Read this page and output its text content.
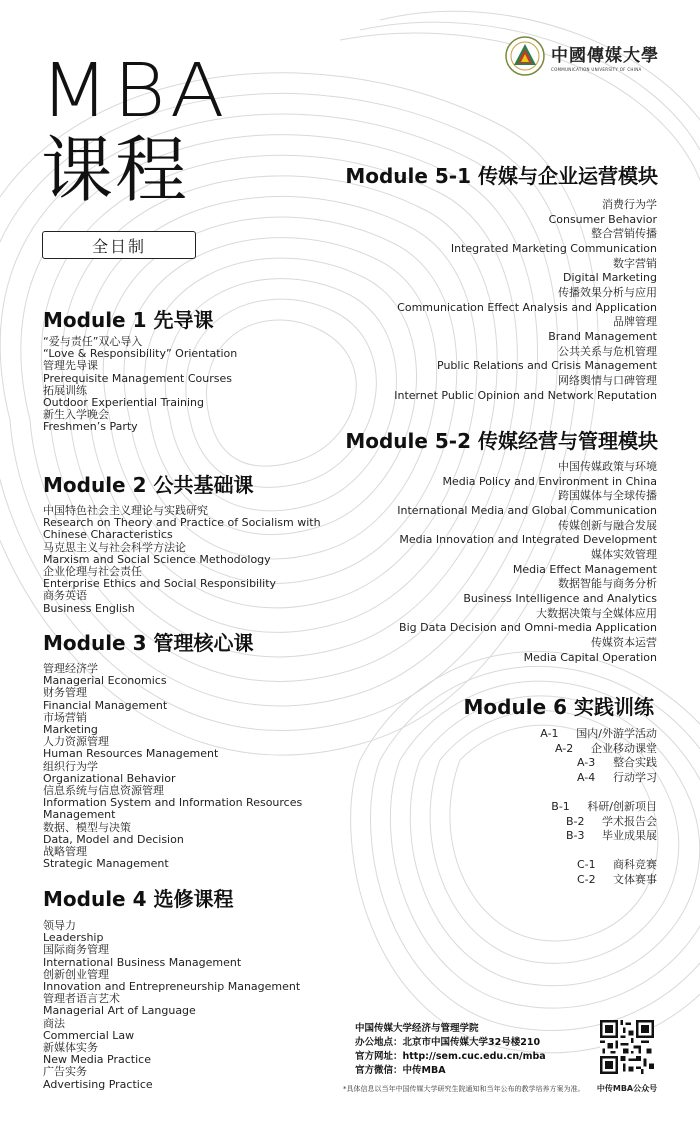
中國傳媒大學
COMMUNICATION UNIVERSITY OF CHINA
MBA
课程
全日制
Module 1 先导课
“爱与责任”双心导入
“Love & Responsibility” Orientation
管理先导课
Prerequisite Management Courses
拓展训练
Outdoor Experiential Training
新生入学晚会
Freshmen’s Party
Module 2 公共基础课
中国特色社会主义理论与实践研究
Research on Theory and Practice of Socialism with
Chinese Characteristics
马克思主义与社会科学方法论
Marxism and Social Science Methodology
企业伦理与社会责任
Enterprise Ethics and Social Responsibility
商务英语
Business English
Module 3 管理核心课
管理经济学
Managerial Economics
财务管理
Financial Management
市场营销
Marketing
人力资源管理
Human Resources Management
组织行为学
Organizational Behavior
信息系统与信息资源管理
Information System and Information Resources
Management
数据、模型与决策
Data, Model and Decision
战略管理
Strategic Management
Module 4 选修课程
领导力
Leadership
国际商务管理
International Business Management
创新创业管理
Innovation and Entrepreneurship Management
管理者语言艺术
Managerial Art of Language
商法
Commercial Law
新媒体实务
New Media Practice
广告实务
Advertising Practice
Module 5-1 传媒与企业运营模块
消费行为学
Consumer Behavior
整合营销传播
Integrated Marketing Communication
数字营销
Digital Marketing
传播效果分析与应用
Communication Effect Analysis and Application
品牌管理
Brand Management
公共关系与危机管理
Public Relations and Crisis Management
网络舆情与口碑管理
Internet Public Opinion and Network Reputation
Module 5-2 传媒经营与管理模块
中国传媒政策与环境
Media Policy and Environment in China
跨国媒体与全球传播
International Media and Global Communication
传媒创新与融合发展
Media Innovation and Integrated Development
媒体实效管理
Media Effect Management
数据智能与商务分析
Business Intelligence and Analytics
大数据决策与全媒体应用
Big Data Decision and Omni-media Application
传媒资本运营
Media Capital Operation
Module 6 实践训练
A-1	国内/外游学活动
A-2	企业移动课堂
A-3	整合实践
A-4	行动学习
B-1	科研/创新项目
B-2	学术报告会
B-3	毕业成果展
C-1	商科竞赛
C-2	文体赛事
中国传媒大学经济与管理学院
办公地点：北京市中国传媒大学32号楼210
官方网址：http://sem.cuc.edu.cn/mba
官方微信：中传MBA
*具体信息以当年中国传媒大学研究生院通知和当年公布的教学培养方案为准。	中传MBA公众号
